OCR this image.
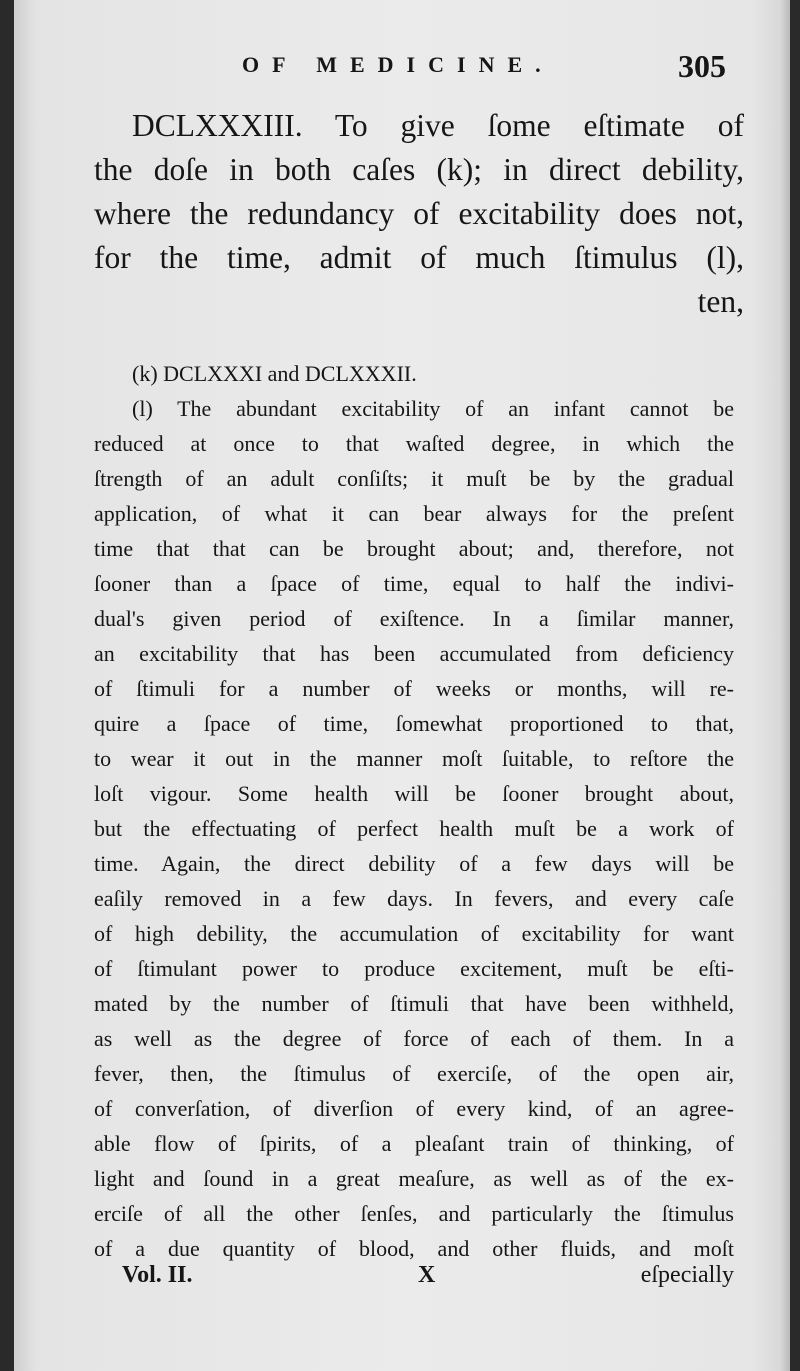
OF MEDICINE.	305
DCLXXXIII. To give ſome eſtimate of
the doſe in both caſes (k); in direct debility,
where the redundancy of excitability does not,
for the time, admit of much ſtimulus (l),
ten,
(k) DCLXXXI and DCLXXXII.
(l) The abundant excitability of an infant cannot be
reduced at once to that waſted degree, in which the
ſtrength of an adult conſiſts; it muſt be by the gradual
application, of what it can bear always for the preſent
time that that can be brought about; and, therefore, not
ſooner than a ſpace of time, equal to half the indivi-
dual's given period of exiſtence. In a ſimilar manner,
an excitability that has been accumulated from deficiency
of ſtimuli for a number of weeks or months, will re-
quire a ſpace of time, ſomewhat proportioned to that,
to wear it out in the manner moſt ſuitable, to reſtore the
loſt vigour. Some health will be ſooner brought about,
but the effectuating of perfect health muſt be a work of
time. Again, the direct debility of a few days will be
eaſily removed in a few days. In fevers, and every caſe
of high debility, the accumulation of excitability for want
of ſtimulant power to produce excitement, muſt be eſti-
mated by the number of ſtimuli that have been withheld,
as well as the degree of force of each of them. In a
fever, then, the ſtimulus of exerciſe, of the open air,
of converſation, of diverſion of every kind, of an agree-
able flow of ſpirits, of a pleaſant train of thinking, of
light and ſound in a great meaſure, as well as of the ex-
erciſe of all the other ſenſes, and particularly the ſtimulus
of a due quantity of blood, and other fluids, and moſt
Vol. II.	X	eſpecially
